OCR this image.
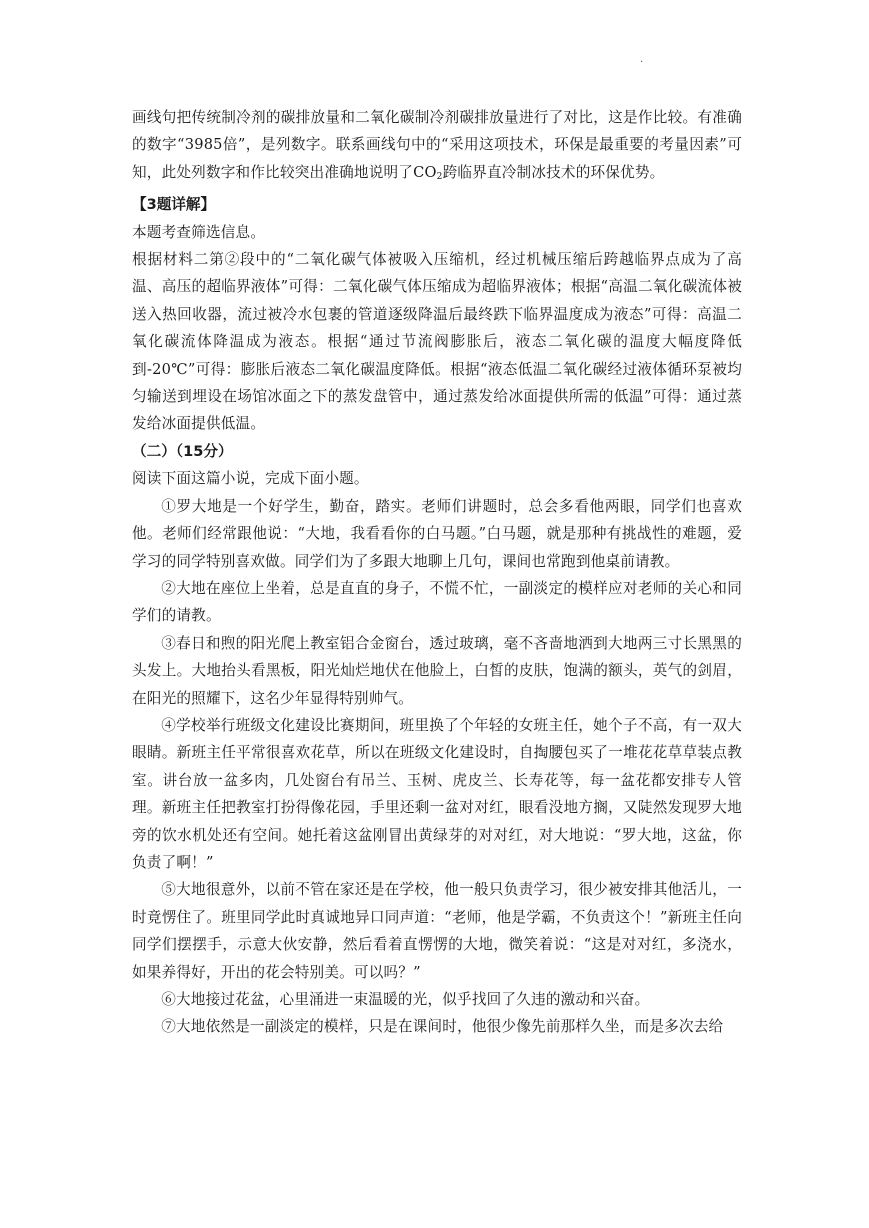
.

画线句把传统制冷剂的碳排放量和二氧化碳制冷剂碳排放量进行了对比，这是作比较。有准确的数字“3985倍”，是列数字。联系画线句中的“采用这项技术，环保是最重要的考量因素”可知，此处列数字和作比较突出准确地说明了$CO_2$跨临界直冷制冰技术的环保优势。

【3题详解】

本题考查筛选信息。

根据材料二第②段中的“二氧化碳气体被吸入压缩机，经过机械压缩后跨越临界点成为了高温、高压的超临界液体”可得：二氧化碳气体压缩成为超临界液体；根据“高温二氧化碳流体被送入热回收器，流过被冷水包裹的管道逐级降温后最终跌下临界温度成为液态”可得：高温二氧化碳流体降温成为液态。根据“通过节流阀膨胀后，液态二氧化碳的温度大幅度降低到-20℃”可得：膨胀后液态二氧化碳温度降低。根据“液态低温二氧化碳经过液体循环泵被均匀输送到埋设在场馆冰面之下的蒸发盘管中，通过蒸发给冰面提供所需的低温”可得：通过蒸发给冰面提供低温。

（二）（15分）

阅读下面这篇小说，完成下面小题。

①罗大地是一个好学生，勤奋，踏实。老师们讲题时，总会多看他两眼，同学们也喜欢他。老师们经常跟他说：“大地，我看看你的白马题。”白马题，就是那种有挑战性的难题，爱学习的同学特别喜欢做。同学们为了多跟大地聊上几句，课间也常跑到他桌前请教。

②大地在座位上坐着，总是直直的身子，不慌不忙，一副淡定的模样应对老师的关心和同学们的请教。

③春日和煦的阳光爬上教室铝合金窗台，透过玻璃，毫不吝啬地洒到大地两三寸长黑黑的头发上。大地抬头看黑板，阳光灿烂地伏在他脸上，白皙的皮肤，饱满的额头，英气的剑眉，在阳光的照耀下，这名少年显得特别帅气。

④学校举行班级文化建设比赛期间，班里换了个年轻的女班主任，她个子不高，有一双大眼睛。新班主任平常很喜欢花草，所以在班级文化建设时，自掏腰包买了一堆花花草草装点教室。讲台放一盆多肉，几处窗台有吊兰、玉树、虎皮兰、长寿花等，每一盆花都安排专人管理。新班主任把教室打扮得像花园，手里还剩一盆对对红，眼看没地方搁，又陡然发现罗大地旁的饮水机处还有空间。她托着这盆刚冒出黄绿芽的对对红，对大地说：“罗大地，这盆，你负责了啊！”

⑤大地很意外，以前不管在家还是在学校，他一般只负责学习，很少被安排其他活儿，一时竟愣住了。班里同学此时真诚地异口同声道：“老师，他是学霸，不负责这个！”新班主任向同学们摆摆手，示意大伙安静，然后看着直愣愣的大地，微笑着说：“这是对对红，多浇水，如果养得好，开出的花会特别美。可以吗？”

⑥大地接过花盆，心里涌进一束温暖的光，似乎找回了久违的激动和兴奋。

⑦大地依然是一副淡定的模样，只是在课间时，他很少像先前那样久坐，而是多次去给
